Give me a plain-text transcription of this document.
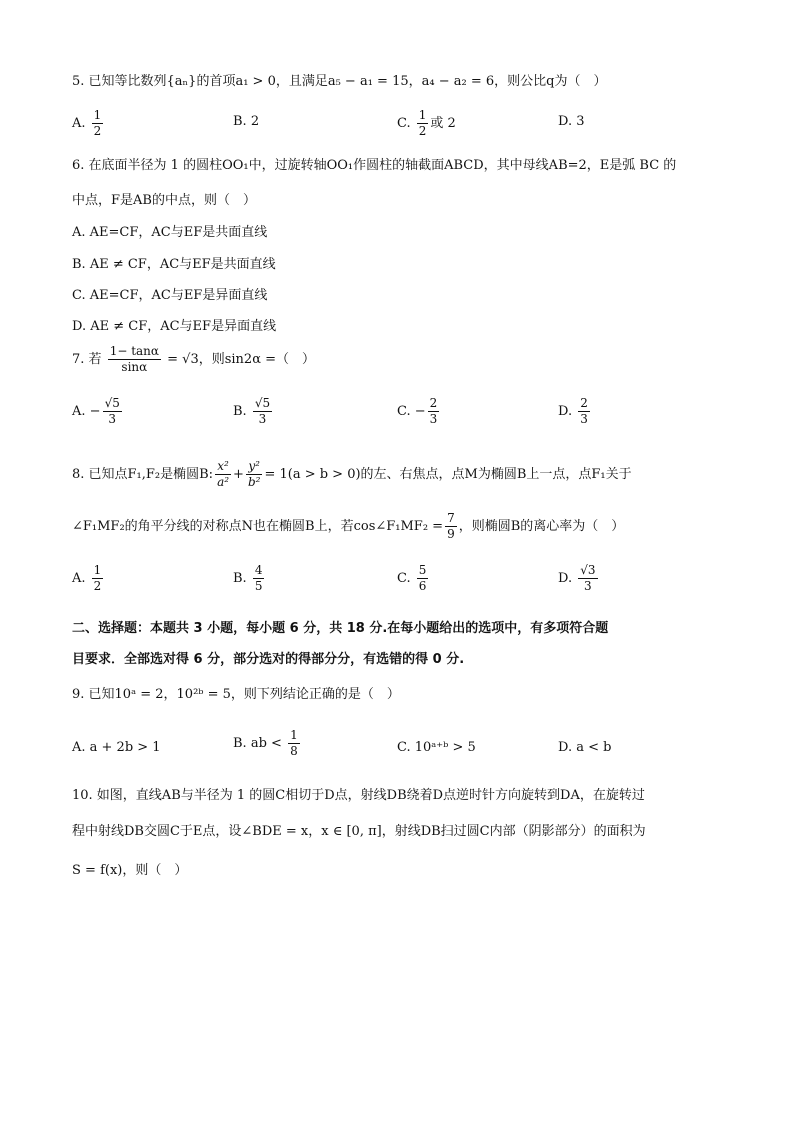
5. 已知等比数列{aₙ}的首项a₁ > 0，且满足a₅ − a₁ = 15，a₄ − a₂ = 6，则公比q为（　）
A. $\frac{1}{2}$	B. 2	C. $\frac{1}{2}$ 或 2	D. 3
6. 在底面半径为 1 的圆柱OO₁中，过旋转轴OO₁作圆柱的轴截面ABCD，其中母线AB=2，E是弧 BC 的
中点，F是AB的中点，则（　）
A. AE=CF，AC与EF是共面直线
B. AE ≠ CF，AC与EF是共面直线
C. AE=CF，AC与EF是异面直线
D. AE ≠ CF，AC与EF是异面直线
7. 若 $\frac{1- \tan\alpha}{\sin\alpha} = √3$，则sin2α =（　）
A. − $\frac{√5}{3}$	B. $\frac{√5}{3}$	C. − $\frac{2}{3}$	D. $\frac{2}{3}$
8. 已知点F₁,F₂是椭圆B: $\frac{\text{x²}}{\text{a²}} + \frac{\text{y²}}{\text{b²}} = 1(a > b > 0)$的左、右焦点，点M为椭圆B上一点，点F₁关于
∠F₁MF₂的角平分线的对称点N也在椭圆B上，若cos∠F₁MF₂ = $\frac{7}{9}$ ，则椭圆B的离心率为（　）
A. $\frac{1}{2}$	B. $\frac{4}{5}$	C. $\frac{5}{6}$	D. $\frac{√3}{3}$
二、选择题：本题共 3 小题，每小题 6 分，共 18 分.在每小题给出的选项中，有多项符合题
目要求．全部选对得 6 分，部分选对的得部分分，有选错的得 0 分.
9. 已知10ᵃ = 2，10²ᵇ = 5，则下列结论正确的是（　）
A. a + 2b > 1	B. ab < $\frac{1}{8}$	C. 10ᵃ⁺ᵇ > 5	D. a < b
10. 如图，直线AB与半径为 1 的圆C相切于D点，射线DB绕着D点逆时针方向旋转到DA，在旋转过
程中射线DB交圆C于E点，设∠BDE = x，x ∈ [0, π]，射线DB扫过圆C内部（阴影部分）的面积为
S = f(x)，则（　）
